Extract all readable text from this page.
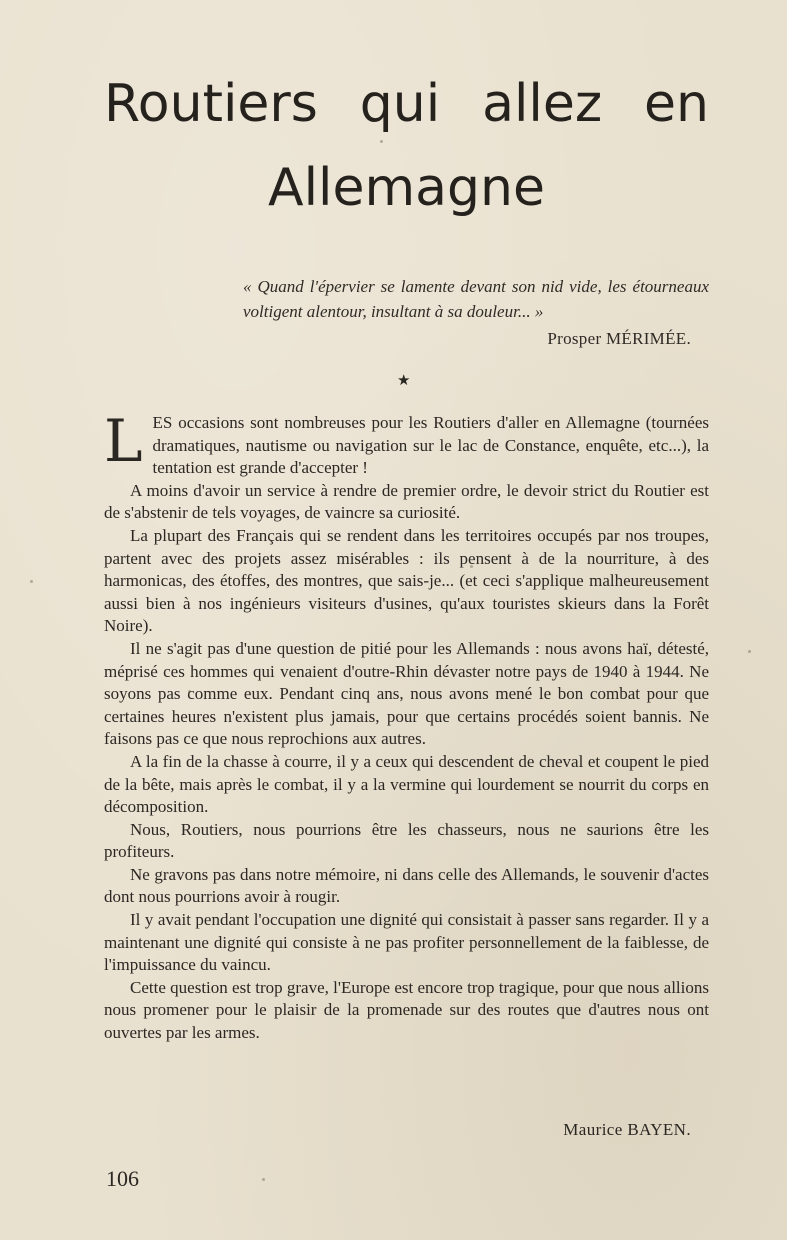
Routiers qui allez en
Allemagne
« Quand l'épervier se lamente devant son nid vide, les étourneaux voltigent alentour, insultant à sa douleur... »
Prosper MÉRIMÉE.
★

L ES occasions sont nombreuses pour les Routiers d'aller en Allemagne (tournées dramatiques, nautisme ou navigation sur le lac de Constance, enquête, etc...), la tentation est grande d'accepter !

A moins d'avoir un service à rendre de premier ordre, le devoir strict du Routier est de s'abstenir de tels voyages, de vaincre sa curiosité.

La plupart des Français qui se rendent dans les territoires occupés par nos troupes, partent avec des projets assez misérables : ils pensent à de la nourriture, à des harmonicas, des étoffes, des montres, que sais-je... (et ceci s'applique malheureusement aussi bien à nos ingénieurs visiteurs d'usines, qu'aux touristes skieurs dans la Forêt Noire).

Il ne s'agit pas d'une question de pitié pour les Allemands : nous avons haï, détesté, méprisé ces hommes qui venaient d'outre-Rhin dévaster notre pays de 1940 à 1944. Ne soyons pas comme eux. Pendant cinq ans, nous avons mené le bon combat pour que certaines heures n'existent plus jamais, pour que certains procédés soient bannis. Ne faisons pas ce que nous reprochions aux autres.

A la fin de la chasse à courre, il y a ceux qui descendent de cheval et coupent le pied de la bête, mais après le combat, il y a la vermine qui lourdement se nourrit du corps en décomposition.

Nous, Routiers, nous pourrions être les chasseurs, nous ne saurions être les profiteurs.

Ne gravons pas dans notre mémoire, ni dans celle des Allemands, le souvenir d'actes dont nous pourrions avoir à rougir.

Il y avait pendant l'occupation une dignité qui consistait à passer sans regarder. Il y a maintenant une dignité qui consiste à ne pas profiter personnellement de la faiblesse, de l'impuissance du vaincu.

Cette question est trop grave, l'Europe est encore trop tragique, pour que nous allions nous promener pour le plaisir de la promenade sur des routes que d'autres nous ont ouvertes par les armes.

Maurice BAYEN.
106
